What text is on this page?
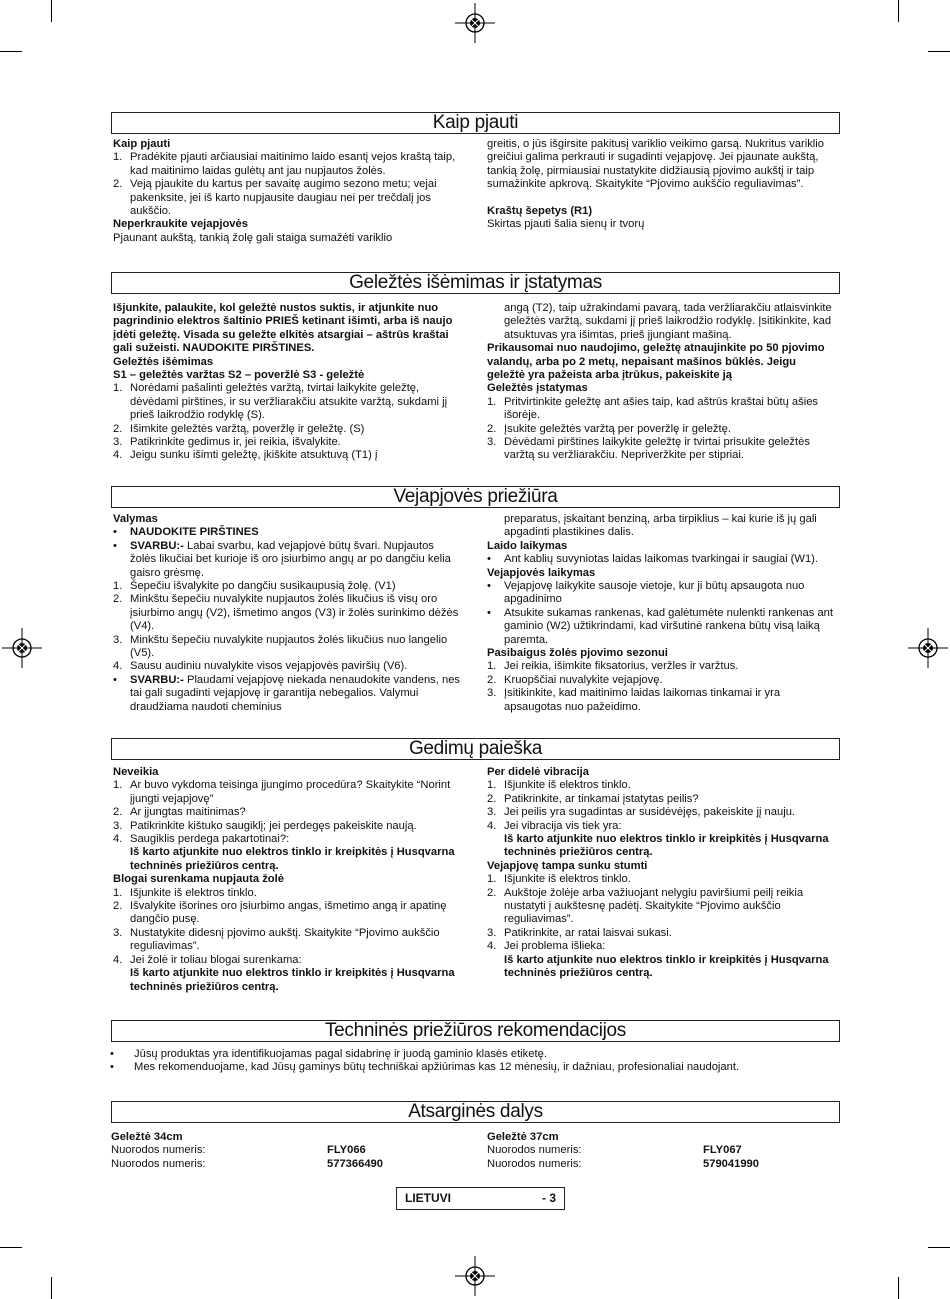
Kaip pjauti

Kaip pjauti

1. Pradėkite pjauti arčiausiai maitinimo laido esantį vejos kraštą taip, kad maitinimo laidas gulėtų ant jau nupjautos žolės.
2. Veją pjaukite du kartus per savaitę augimo sezono metu; vejai pakenksite, jei iš karto nupjausite daugiau nei per trečdalį jos aukščio.

Neperkraukite vejapjovės

Pjaunant aukštą, tankią žolę gali staiga sumažėti variklio

greitis, o jūs išgirsite pakitusį variklio veikimo garsą. Nukritus variklio greičiui galima perkrauti ir sugadinti vejapjovę. Jei pjaunate aukštą, tankią žolę, pirmiausiai nustatykite didžiausią pjovimo aukštį ir taip sumažinkite apkrovą. Skaitykite “Pjovimo aukščio reguliavimas”.

Kraštų šepetys (R1)

Skirtas pjauti šalia sienų ir tvorų

Geležtės išėmimas ir įstatymas

Išjunkite, palaukite, kol geležtė nustos suktis, ir atjunkite nuo pagrindinio elektros šaltinio PRIEŠ ketinant išimti, arba iš naujo įdėti geležtę. Visada su geležte elkitės atsargiai – aštrūs kraštai gali sužeisti. NAUDOKITE PIRŠTINES.

Geležtės išėmimas

S1 – geležtės varžtas S2 – poveržlė S3 - geležtė

1. Norėdami pašalinti geležtės varžtą, tvirtai laikykite geležtę, dėvėdami pirštines, ir su veržliarakčiu atsukite varžtą, sukdami jį prieš laikrodžio rodyklę (S).
2. Išimkite geležtės varžtą, poveržlę ir geležtę. (S)
3. Patikrinkite gedimus ir, jei reikia, išvalykite.
4. Jeigu sunku išimti geležtę, įkiškite atsuktuvą (T1) į

angą (T2), taip užrakindami pavarą, tada veržliarakčiu atlaisvinkite geležtės varžtą, sukdami jį prieš laikrodžio rodyklę. Įsitikinkite, kad atsuktuvas yra išimtas, prieš įjungiant mašiną.

Prikausomai nuo naudojimo, geležtę atnaujinkite po 50 pjovimo valandų, arba po 2 metų, nepaisant mašinos būklės. Jeigu geležtė yra pažeista arba įtrūkus, pakeiskite ją

Geležtės įstatymas

1. Pritvirtinkite geležtę ant ašies taip, kad aštrūs kraštai būtų ašies išorėje.
2. Įsukite geležtės varžtą per poveržlę ir geležtę.
3. Dėvėdami pirštines laikykite geležtę ir tvirtai prisukite geležtės varžtą su veržliarakčiu. Nepriveržkite per stipriai.
Vejapjovės priežiūra

Valymas

• NAUDOKITE PIRŠTINES
• SVARBU:- Labai svarbu, kad vejapjovė būtų švari. Nupjautos žolės likučiai bet kurioje iš oro įsiurbimo angų ar po dangčiu kelia gaisro grėsmę.
1. Šepečiu išvalykite po dangčiu susikaupusią žolę. (V1)
2. Minkštu šepečiu nuvalykite nupjautos žolės likučius iš visų oro įsiurbimo angų (V2), išmetimo angos (V3) ir žolės surinkimo dėžės (V4).
3. Minkštu šepečiu nuvalykite nupjautos žolės likučius nuo langelio (V5).
4. Sausu audiniu nuvalykite visos vejapjovės paviršių (V6).
• SVARBU:- Plaudami vejapjovę niekada nenaudokite vandens, nes tai gali sugadinti vejapjovę ir garantija nebegalios. Valymui draudžiama naudoti cheminius

preparatus, įskaitant benziną, arba tirpiklius – kai kurie iš jų gali apgadinti plastikines dalis.

Laido laikymas

• Ant kablių suvyniotas laidas laikomas tvarkingai ir saugiai (W1).

Vejapjovės laikymas

• Vejapjovę laikykite sausoje vietoje, kur ji būtų apsaugota nuo apgadinimo
• Atsukite sukamas rankenas, kad galėtumėte nulenkti rankenas ant gaminio (W2) užtikrindami, kad viršutinė rankena būtų visą laiką paremta.

Pasibaigus žolės pjovimo sezonui

1. Jei reikia, išimkite fiksatorius, veržles ir varžtus.
2. Kruopščiai nuvalykite vejapjovę.
3. Įsitikinkite, kad maitinimo laidas laikomas tinkamai ir yra apsaugotas nuo pažeidimo.
Gedimų paieška

Neveikia

1. Ar buvo vykdoma teisinga įjungimo procedūra? Skaitykite “Norint įjungti vejapjovę”
2. Ar įjungtas maitinimas?
3. Patikrinkite kištuko saugiklį; jei perdegęs pakeiskite naują.
4. Saugiklis perdega pakartotinai?:

Iš karto atjunkite nuo elektros tinklo ir kreipkitės į Husqvarna techninės priežiūros centrą.

Blogai surenkama nupjauta žolė

1. Išjunkite iš elektros tinklo.
2. Išvalykite išorines oro įsiurbimo angas, išmetimo angą ir apatinę dangčio pusę.
3. Nustatykite didesnį pjovimo aukštį. Skaitykite “Pjovimo aukščio reguliavimas”.
4. Jei žolė ir toliau blogai surenkama:

Iš karto atjunkite nuo elektros tinklo ir kreipkitės į Husqvarna techninės priežiūros centrą.

Per didelė vibracija

1. Išjunkite iš elektros tinklo.
2. Patikrinkite, ar tinkamai įstatytas peilis?
3. Jei peilis yra sugadintas ar susidėvėjęs, pakeiskite jį nauju.
4. Jei vibracija vis tiek yra:

Iš karto atjunkite nuo elektros tinklo ir kreipkitės į Husqvarna techninės priežiūros centrą.

Vejapjovę tampa sunku stumti

1. Išjunkite iš elektros tinklo.
2. Aukštoje žolėje arba važiuojant nelygiu paviršiumi peilį reikia nustatyti į aukštesnę padėtį. Skaitykite “Pjovimo aukščio reguliavimas”.
3. Patikrinkite, ar ratai laisvai sukasi.
4. Jei problema išlieka:

Iš karto atjunkite nuo elektros tinklo ir kreipkitės į Husqvarna techninės priežiūros centrą.

Techninės priežiūros rekomendacijos
• Jūsų produktas yra identifikuojamas pagal sidabrinę ir juodą gaminio klasės etiketę.
• Mes rekomenduojame, kad Jūsų gaminys būtų techniškai apžiūrimas kas 12 mėnesių, ir dažniau, profesionaliai naudojant.
Atsarginės dalys

Geležtė 34cm

Nuorodos numeris:	FLY066
Nuorodos numeris:	577366490

Geležtė 37cm

Nuorodos numeris:	FLY067
Nuorodos numeris:	579041990
LIETUVI	- 3
